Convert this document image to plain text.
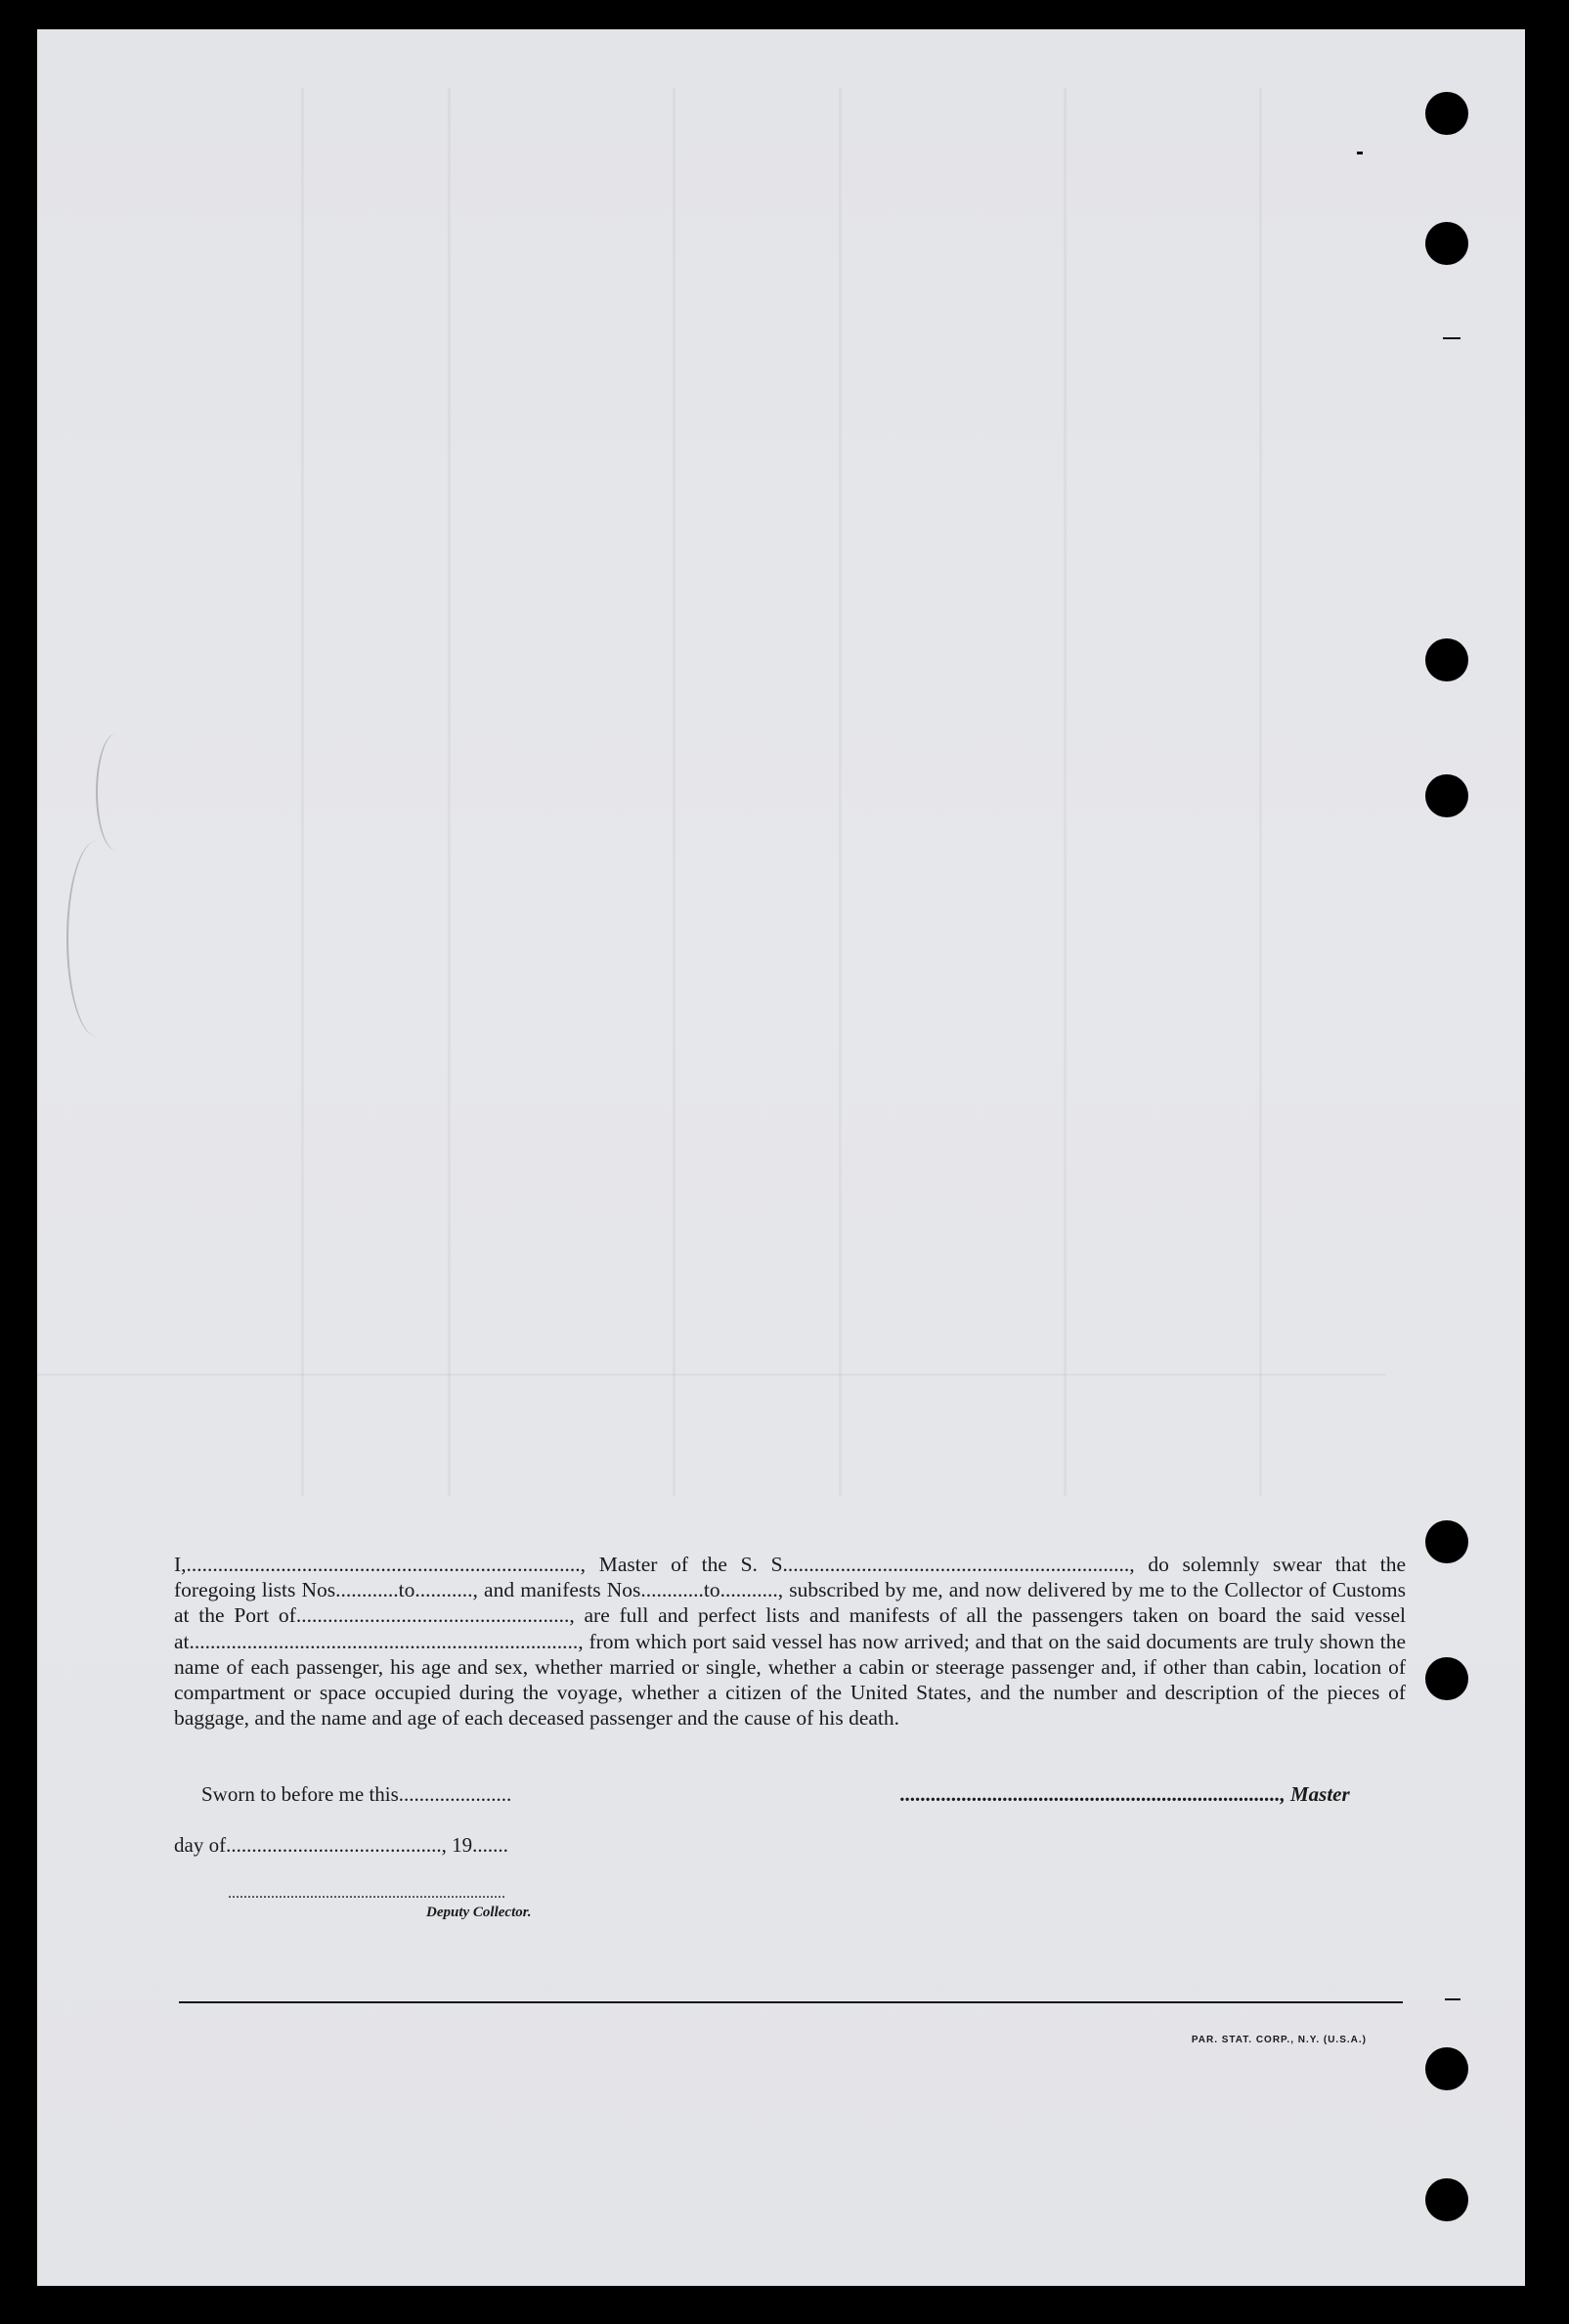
I,..........................................................................., Master of the S. S.................................................................., do solemnly swear that the foregoing lists Nos............to..........., and manifests Nos............to..........., subscribed by me, and now delivered by me to the Collector of Customs at the Port of...................................................., are full and perfect lists and manifests of all the passengers taken on board the said vessel at.........................................................................., from which port said vessel has now arrived; and that on the said documents are truly shown the name of each passenger, his age and sex, whether married or single, whether a cabin or steerage passenger and, if other than cabin, location of compartment or space occupied during the voyage, whether a citizen of the United States, and the number and description of the pieces of baggage, and the name and age of each deceased passenger and the cause of his death.

Sworn to before me this......................	.........................................................................., Master
day of.........................................., 19.......
.......................................................................
Deputy Collector.
PAR. STAT. CORP., N.Y. (U.S.A.)
